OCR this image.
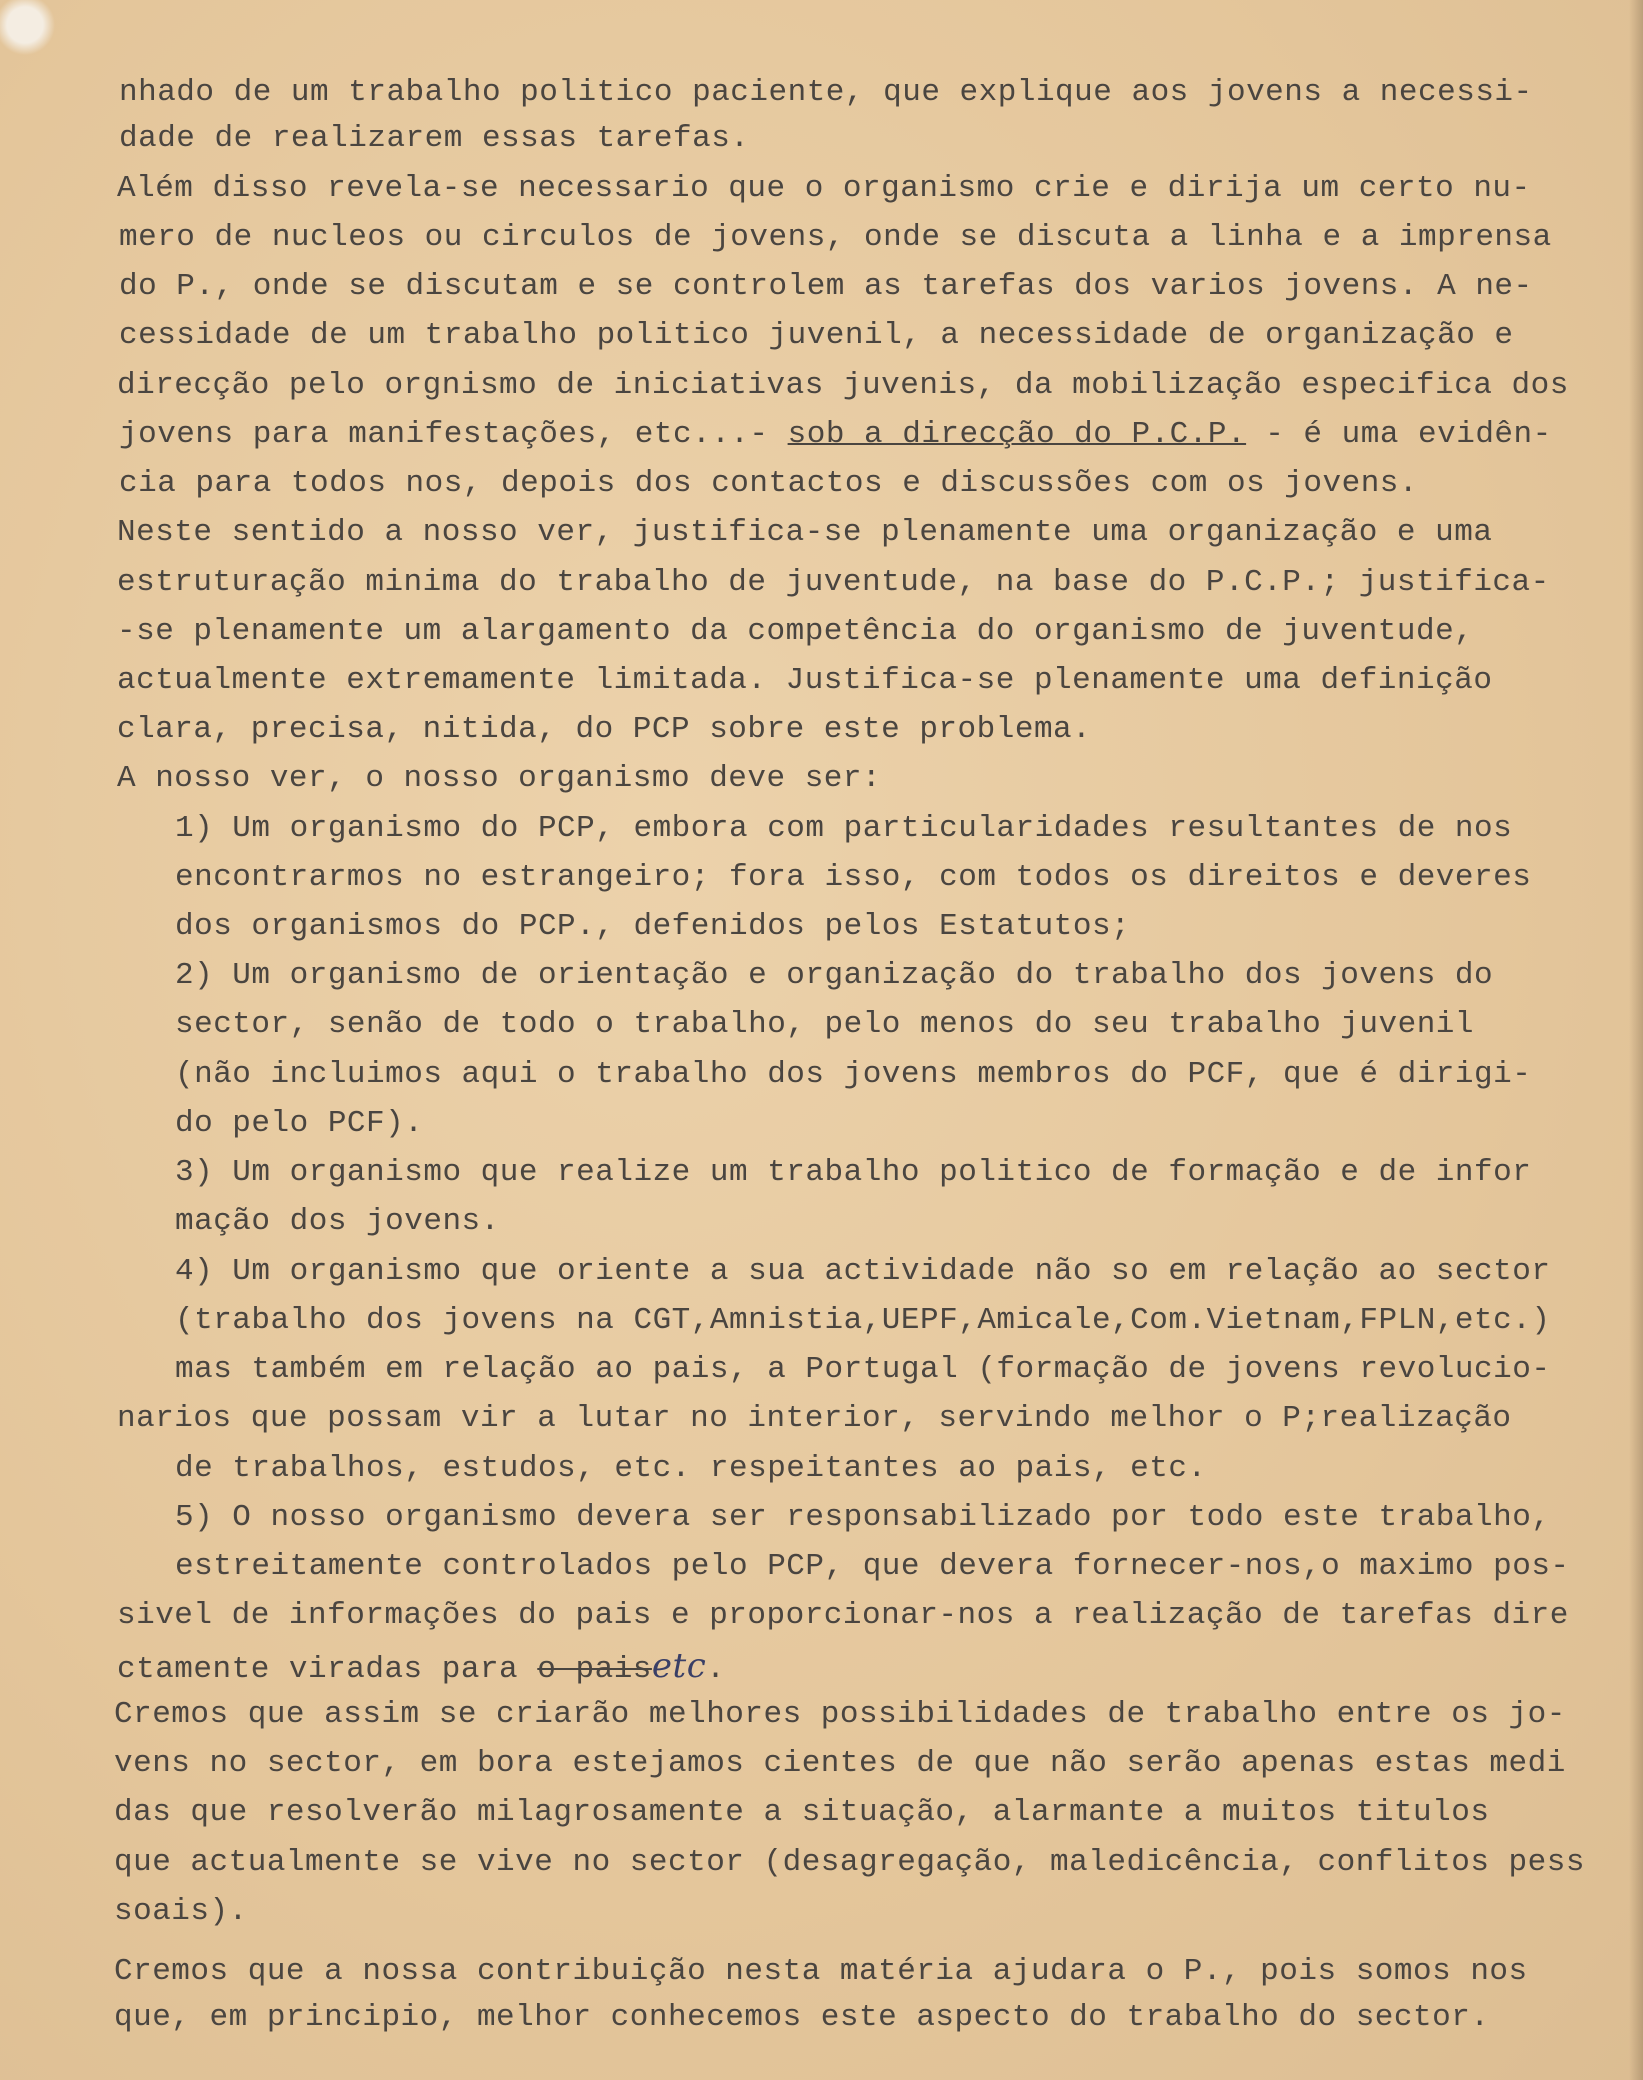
nhado de um trabalho politico paciente, que explique aos jovens a necessi-

dade de realizarem essas tarefas.

Além disso revela-se necessario que o organismo crie e dirija um certo nu-

mero de nucleos ou circulos de jovens, onde se discuta a linha e a imprensa

do P., onde se discutam e se controlem as tarefas dos varios jovens. A ne-

cessidade de um trabalho politico juvenil, a necessidade de organização e

direcção pelo orgnismo de iniciativas juvenis, da mobilização especifica dos

jovens para manifestações, etc...- sob a direcção do P.C.P. - é uma evidên-

cia para todos nos, depois dos contactos e discussões com os jovens.

Neste sentido a nosso ver, justifica-se plenamente uma organização e uma

estruturação minima do trabalho de juventude, na base do P.C.P.; justifica-

-se plenamente um alargamento da competência do organismo de juventude,

actualmente extremamente limitada. Justifica-se plenamente uma definição

clara, precisa, nitida, do PCP sobre este problema.

A nosso ver, o nosso organismo deve ser:

1) Um organismo do PCP, embora com particularidades resultantes de nos

encontrarmos no estrangeiro; fora isso, com todos os direitos e deveres

dos organismos do PCP., defenidos pelos Estatutos;

2) Um organismo de orientação e organização do trabalho dos jovens do

sector, senão de todo o trabalho, pelo menos do seu trabalho juvenil

(não incluimos aqui o trabalho dos jovens membros do PCF, que é dirigi-

do pelo PCF).

3) Um organismo que realize um trabalho politico de formação e de infor

mação dos jovens.

4) Um organismo que oriente a sua actividade não so em relação ao sector

(trabalho dos jovens na CGT,Amnistia,UEPF,Amicale,Com.Vietnam,FPLN,etc.)

mas também em relação ao pais, a Portugal (formação de jovens revolucio-

narios que possam vir a lutar no interior, servindo melhor o P;realização

de trabalhos, estudos, etc. respeitantes ao pais, etc.

5) O nosso organismo devera ser responsabilizado por todo este trabalho,

estreitamente controlados pelo PCP, que devera fornecer-nos,o maximo pos-

sivel de informações do pais e proporcionar-nos a realização de tarefas dire

ctamente viradas para o paisetc.

Cremos que assim se criarão melhores possibilidades de trabalho entre os jo-

vens no sector, em bora estejamos cientes de que não serão apenas estas medi

das que resolverão milagrosamente a situação, alarmante a muitos titulos

que actualmente se vive no sector (desagregação, maledicência, conflitos pess

soais).

Cremos que a nossa contribuição nesta matéria ajudara o P., pois somos nos

que, em principio, melhor conhecemos este aspecto do trabalho do sector.
